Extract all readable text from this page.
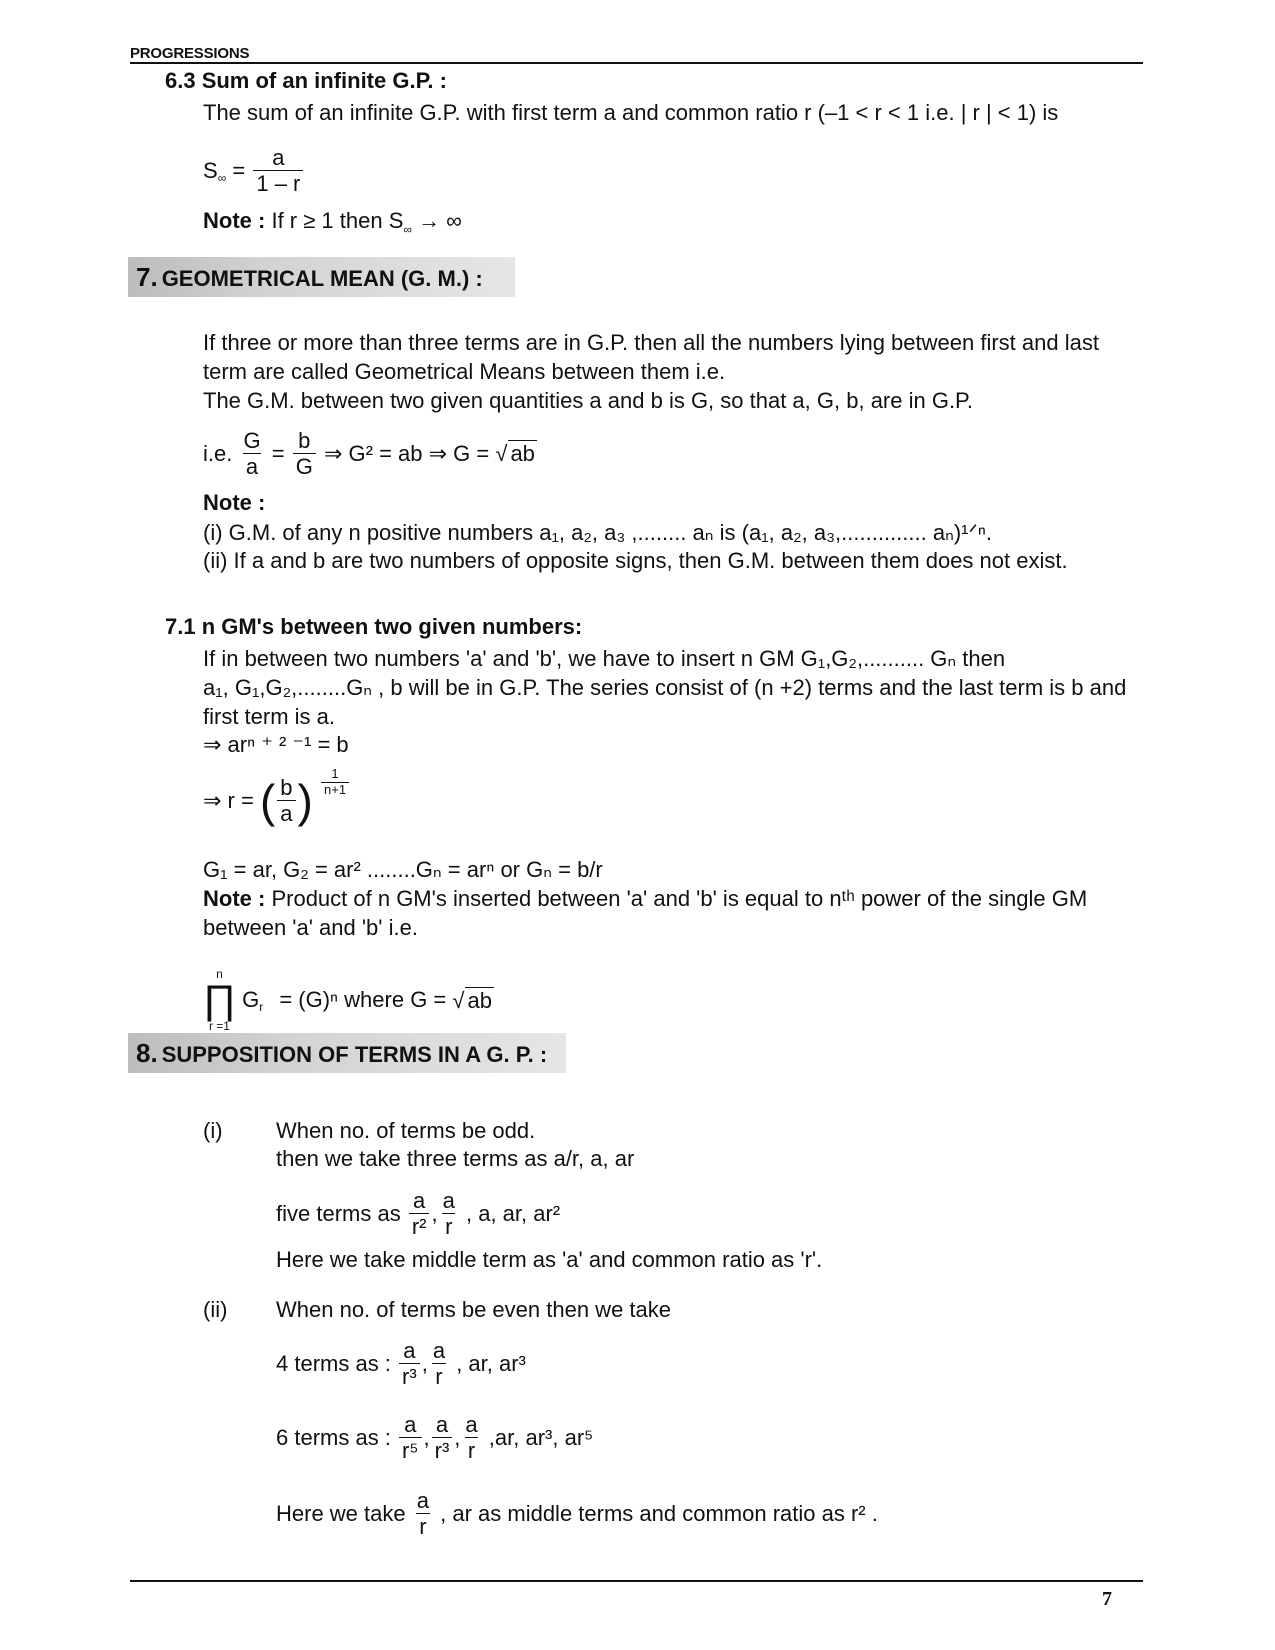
PROGRESSIONS
6.3 Sum of an infinite G.P. :
The sum of an infinite G.P. with first term a and common ratio r (–1 < r < 1 i.e. | r | < 1) is
$S_\infty = \frac{a}{1 - r}$
Note : If r ≥ 1 then $S_\infty$ → ∞
7. GEOMETRICAL MEAN (G. M.) :
If three or more than three terms are in G.P. then all the numbers lying between first and last
term are called Geometrical Means between them i.e.
The G.M. between two given quantities a and b is G, so that a, G, b, are in G.P.
i.e. $\frac{G}{a} = \frac{b}{G}$ ⇒ G² = ab ⇒ G = √ ab
Note :
(i) G.M. of any n positive numbers a₁, a₂, a₃ ,........ aₙ is (a₁, a₂, a₃,.............. aₙ)¹ᐟⁿ.
(ii) If a and b are two numbers of opposite signs, then G.M. between them does not exist.
7.1 n GM's between two given numbers:
If in between two numbers 'a' and 'b', we have to insert n GM G₁,G₂,.......... Gₙ then
a₁, G₁,G₂,........Gₙ , b will be in G.P. The series consist of (n +2) terms and the last term is b and
first term is a.
⇒ arⁿ ⁺ ² ⁻¹ = b
⇒ r = ( $\frac{b}{a}$ ) $\frac{1}{n+1}$
G₁ = ar, G₂ = ar² ........Gₙ = arⁿ or Gₙ = b/r
Note : Product of n GM's inserted between 'a' and 'b' is equal to nᵗʰ power of the single GM
between 'a' and 'b' i.e.
n
∏
r =1
$G_r = (G)^n$ where G = √ ab
8. SUPPOSITION OF TERMS IN A G. P. :
(i) When no. of terms be odd.
then we take three terms as a/r, a, ar
five terms as $\frac{a}{\text{r²}}$ , $\frac{a}{r}$ , a, ar, ar²
Here we take middle term as 'a' and common ratio as 'r'.
(ii) When no. of terms be even then we take
4 terms as : $\frac{a}{\text{r³}}$ , $\frac{a}{r}$ , ar, ar³
6 terms as : $\frac{a}{\text{r⁵}}$ , $\frac{a}{\text{r³}}$ , $\frac{a}{r} ,ar$, ar³, ar⁵
Here we take $\frac{a}{r}$ , ar as middle terms and common ratio as r² .
7
